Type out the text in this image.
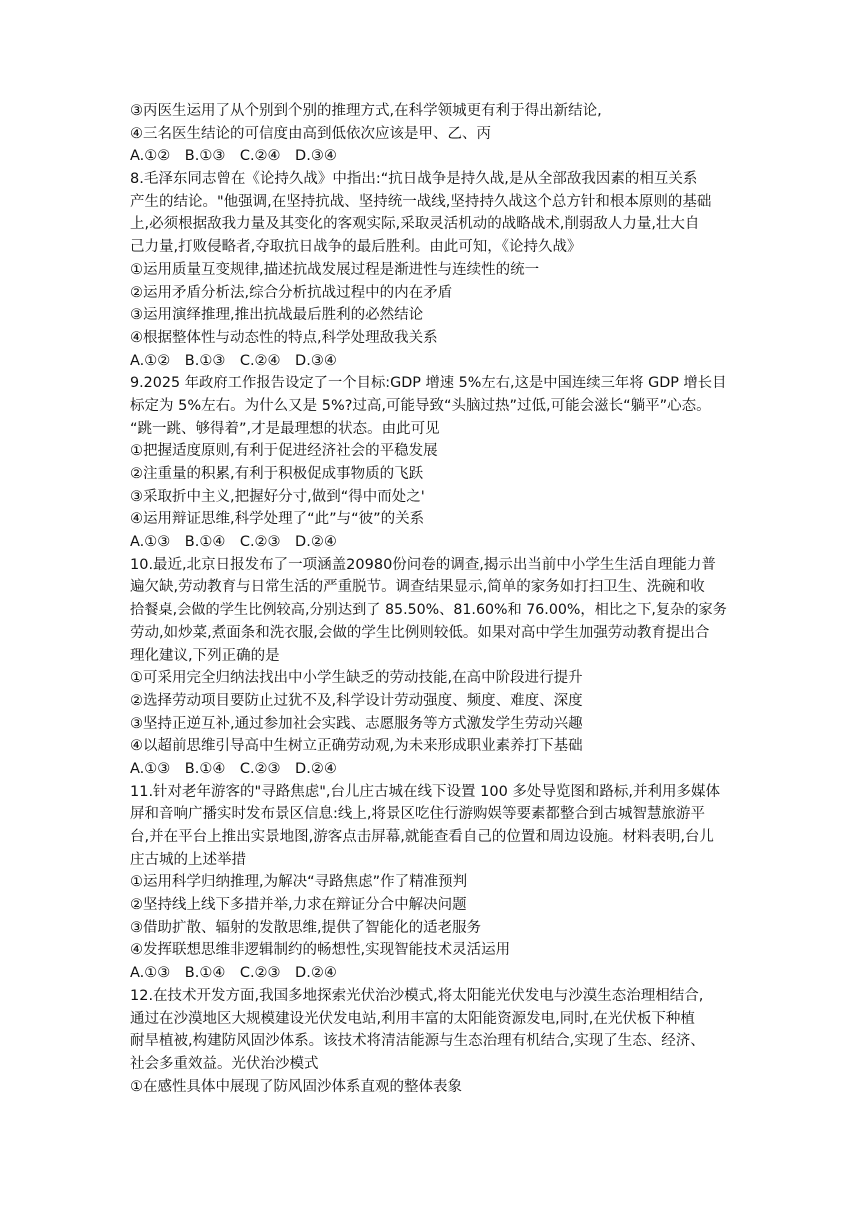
③丙医生运用了从个别到个别的推理方式,在科学领城更有利于得出新结论,
④三名医生结论的可信度由高到低依次应该是甲、乙、丙
A.①②　B.①③　C.②④　D.③④
8.毛泽东同志曾在《论持久战》中指出:“抗日战争是持久战,是从全部敌我因素的相互关系
产生的结论。"他强调,在坚持抗战、坚持统一战线,坚持持久战这个总方针和根本原则的基础
上,必须根据敌我力量及其变化的客观实际,采取灵活机动的战略战术,削弱敌人力量,壮大自
己力量,打败侵略者,夺取抗日战争的最后胜利。由此可知，《论持久战》
①运用质量互变规律,描述抗战发展过程是渐进性与连续性的统一
②运用矛盾分析法,综合分析抗战过程中的内在矛盾
③运用演绎推理,推出抗战最后胜利的必然结论
④根据整体性与动态性的特点,科学处理敌我关系
A.①②　B.①③　C.②④　D.③④
9.2025 年政府工作报告设定了一个目标:GDP 增速 5%左右,这是中国连续三年将 GDP 增长目
标定为 5%左右。为什么又是 5%?过高,可能导致“头脑过热”过低,可能会滋长“躺平”心态。
“跳一跳、够得着”,才是最理想的状态。由此可见
①把握适度原则,有利于促进经济社会的平稳发展
②注重量的积累,有利于积极促成事物质的飞跃
③采取折中主义,把握好分寸,做到“得中而处之'
④运用辩证思维,科学处理了“此”与“彼”的关系
A.①③　B.①④　C.②③　D.②④
10.最近,北京日报发布了一项涵盖20980份问卷的调查,揭示出当前中小学生生活自理能力普
遍欠缺,劳动教育与日常生活的严重脱节。调查结果显示,简单的家务如打扫卫生、洗碗和收
拾餐桌,会做的学生比例较高,分别达到了 85.50%、81.60%和 76.00%，相比之下,复杂的家务
劳动,如炒菜,煮面条和洗衣服,会做的学生比例则较低。如果对高中学生加强劳动教育提出合
理化建议,下列正确的是
①可采用完全归纳法找出中小学生缺乏的劳动技能,在高中阶段进行提升
②选择劳动项目要防止过犹不及,科学设计劳动强度、频度、难度、深度
③坚持正逆互补,通过参加社会实践、志愿服务等方式激发学生劳动兴趣
④以超前思维引导高中生树立正确劳动观,为未来形成职业素养打下基础
A.①③　B.①④　C.②③　D.②④
11.针对老年游客的"寻路焦虑",台儿庄古城在线下设置 100 多处导览图和路标,并利用多媒体
屏和音响广播实时发布景区信息:线上,将景区吃住行游购娱等要素都整合到古城智慧旅游平
台,并在平台上推出实景地图,游客点击屏幕,就能查看自己的位置和周边设施。材料表明,台儿
庄古城的上述举措
①运用科学归纳推理,为解决“寻路焦虑”作了精准预判
②坚持线上线下多措并举,力求在辩证分合中解决问题
③借助扩散、辐射的发散思维,提供了智能化的适老服务
④发挥联想思维非逻辑制约的畅想性,实现智能技术灵活运用
A.①③　B.①④　C.②③　D.②④
12.在技术开发方面,我国多地探索光伏治沙模式,将太阳能光伏发电与沙漠生态治理相结合,
通过在沙漠地区大规模建设光伏发电站,利用丰富的太阳能资源发电,同时,在光伏板下种植
耐旱植被,构建防风固沙体系。该技术将清洁能源与生态治理有机结合,实现了生态、经济、
社会多重效益。光伏治沙模式
①在感性具体中展现了防风固沙体系直观的整体表象
